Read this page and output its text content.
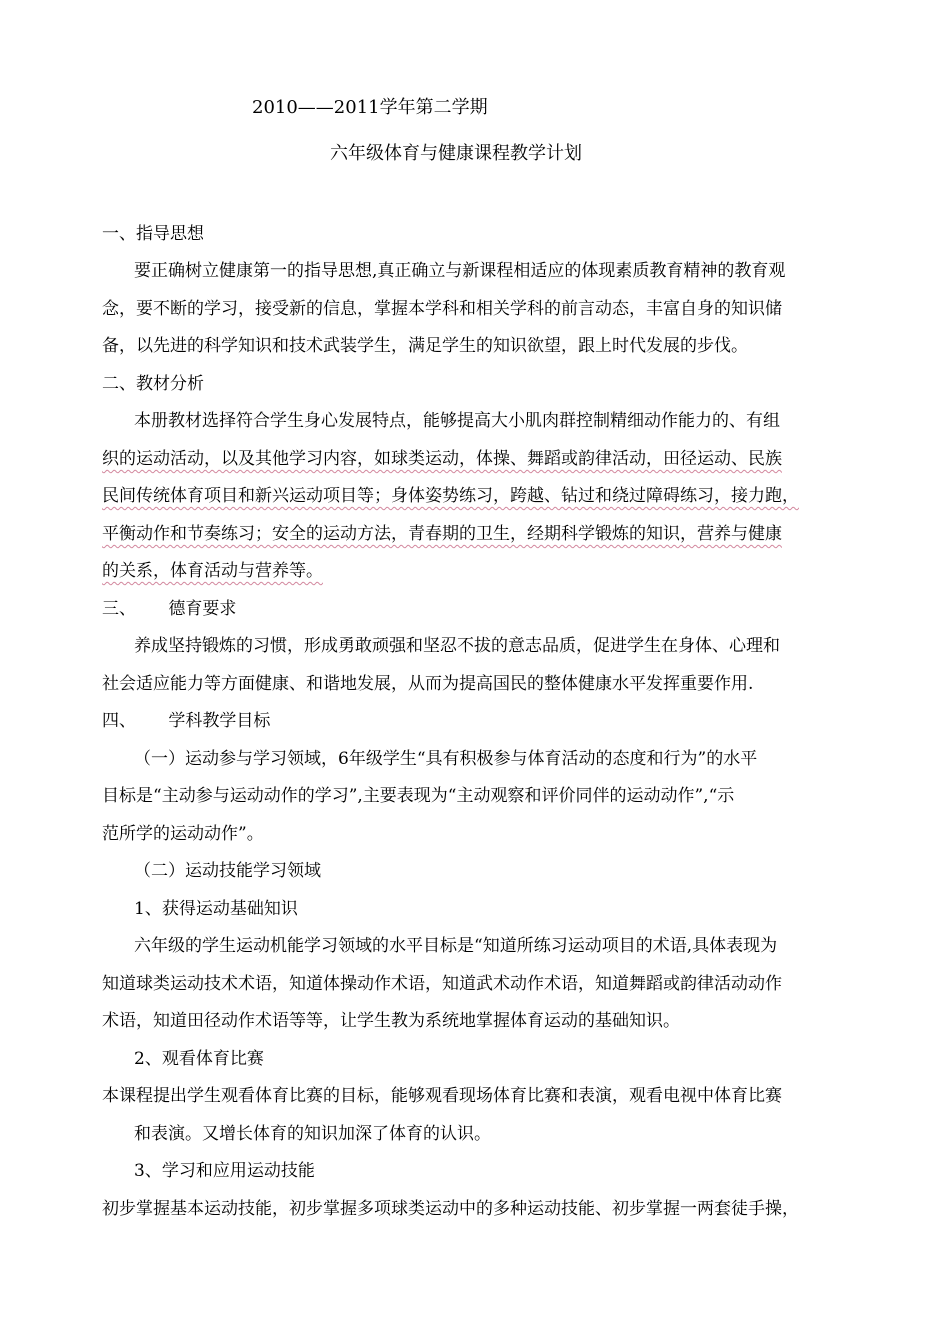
2010——2011学年第二学期
六年级体育与健康课程教学计划
一、指导思想
要正确树立健康第一的指导思想,真正确立与新课程相适应的体现素质教育精神的教育观
念，要不断的学习，接受新的信息，掌握本学科和相关学科的前言动态，丰富自身的知识储
备，以先进的科学知识和技术武装学生，满足学生的知识欲望，跟上时代发展的步伐。
二、教材分析
本册教材选择符合学生身心发展特点，能够提高大小肌肉群控制精细动作能力的、有组
织的运动活动，以及其他学习内容，如球类运动，体操、舞蹈或韵律活动，田径运动、民族
民间传统体育项目和新兴运动项目等；身体姿势练习，跨越、钻过和绕过障碍练习，接力跑，
平衡动作和节奏练习；安全的运动方法，青春期的卫生，经期科学锻炼的知识，营养与健康
的关系，体育活动与营养等。
三、      德育要求
养成坚持锻炼的习惯，形成勇敢顽强和坚忍不拔的意志品质，促进学生在身体、心理和
社会适应能力等方面健康、和谐地发展，从而为提高国民的整体健康水平发挥重要作用.
四、      学科教学目标
（一）运动参与学习领域，6年级学生“具有积极参与体育活动的态度和行为”的水平
目标是“主动参与运动动作的学习”,主要表现为“主动观察和评价同伴的运动动作”,“示
范所学的运动动作”。
（二）运动技能学习领域
1、获得运动基础知识
六年级的学生运动机能学习领域的水平目标是“知道所练习运动项目的术语,具体表现为
知道球类运动技术术语，知道体操动作术语，知道武术动作术语，知道舞蹈或韵律活动动作
术语，知道田径动作术语等等，让学生教为系统地掌握体育运动的基础知识。
2、观看体育比赛
本课程提出学生观看体育比赛的目标，能够观看现场体育比赛和表演，观看电视中体育比赛
和表演。又增长体育的知识加深了体育的认识。
3、学习和应用运动技能
初步掌握基本运动技能，初步掌握多项球类运动中的多种运动技能、初步掌握一两套徒手操，
